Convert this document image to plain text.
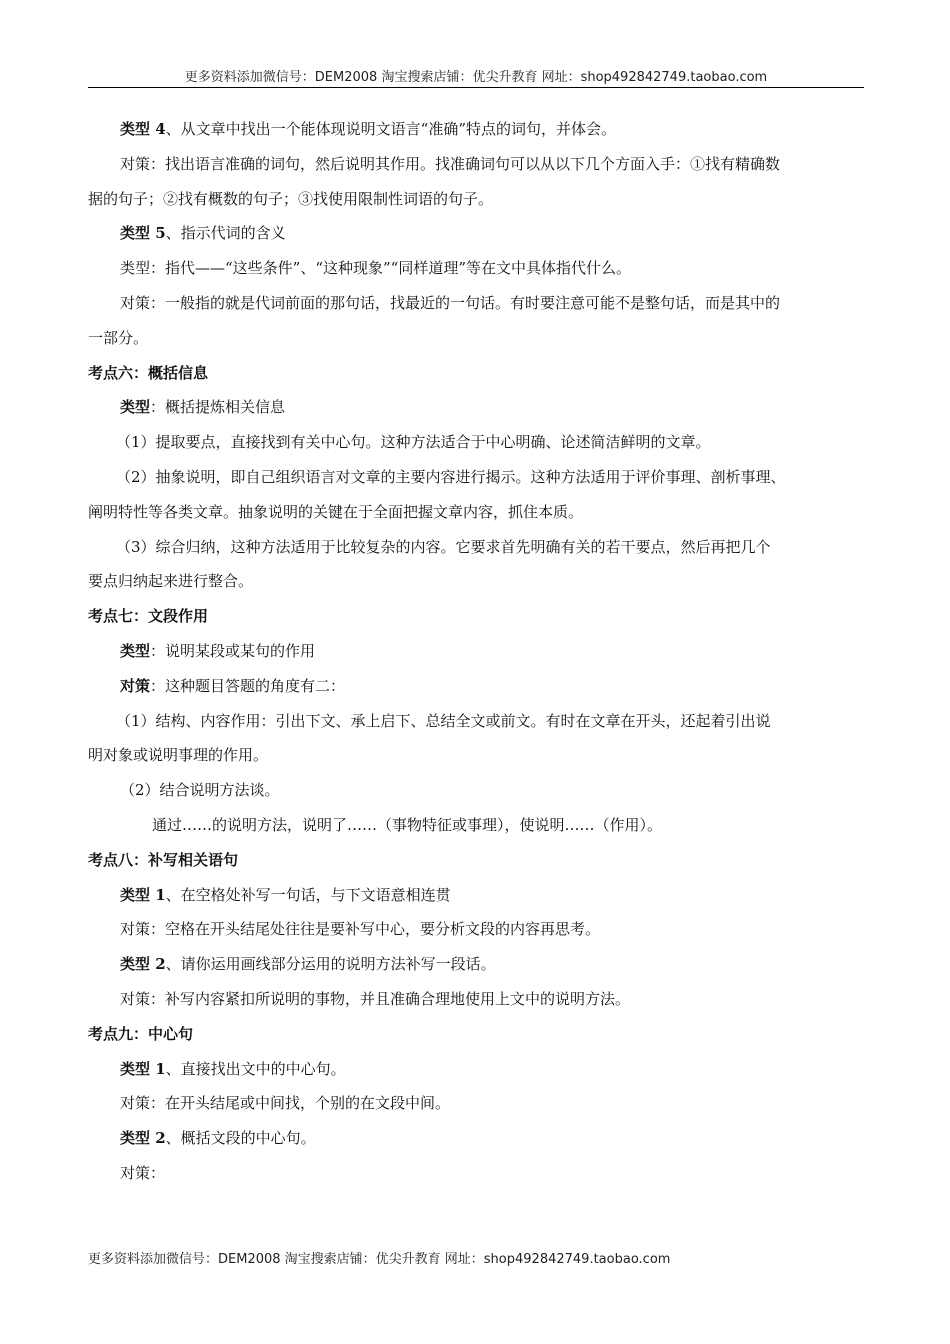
更多资料添加微信号：DEM2008 淘宝搜索店铺：优尖升教育 网址：shop492842749.taobao.com
类型 4、从文章中找出一个能体现说明文语言“准确”特点的词句，并体会。
对策：找出语言准确的词句，然后说明其作用。找准确词句可以从以下几个方面入手：①找有精确数
据的句子；②找有概数的句子；③找使用限制性词语的句子。
类型 5、指示代词的含义
类型：指代——“这些条件”、“这种现象”“同样道理”等在文中具体指代什么。
对策：一般指的就是代词前面的那句话，找最近的一句话。有时要注意可能不是整句话，而是其中的
一部分。
考点六：概括信息
类型：概括提炼相关信息
（1）提取要点，直接找到有关中心句。这种方法适合于中心明确、论述简洁鲜明的文章。
（2）抽象说明，即自己组织语言对文章的主要内容进行揭示。这种方法适用于评价事理、剖析事理、
阐明特性等各类文章。抽象说明的关键在于全面把握文章内容，抓住本质。
（3）综合归纳，这种方法适用于比较复杂的内容。它要求首先明确有关的若干要点，然后再把几个
要点归纳起来进行整合。
考点七：文段作用
类型：说明某段或某句的作用
对策：这种题目答题的角度有二：
（1）结构、内容作用：引出下文、承上启下、总结全文或前文。有时在文章在开头，还起着引出说
明对象或说明事理的作用。
（2）结合说明方法谈。
通过……的说明方法，说明了……（事物特征或事理），使说明……（作用）。
考点八：补写相关语句
类型 1、在空格处补写一句话，与下文语意相连贯
对策：空格在开头结尾处往往是要补写中心，要分析文段的内容再思考。
类型 2、请你运用画线部分运用的说明方法补写一段话。
对策：补写内容紧扣所说明的事物，并且准确合理地使用上文中的说明方法。
考点九：中心句
类型 1、直接找出文中的中心句。
对策：在开头结尾或中间找，个别的在文段中间。
类型 2、概括文段的中心句。
对策：
更多资料添加微信号：DEM2008 淘宝搜索店铺：优尖升教育 网址：shop492842749.taobao.com
